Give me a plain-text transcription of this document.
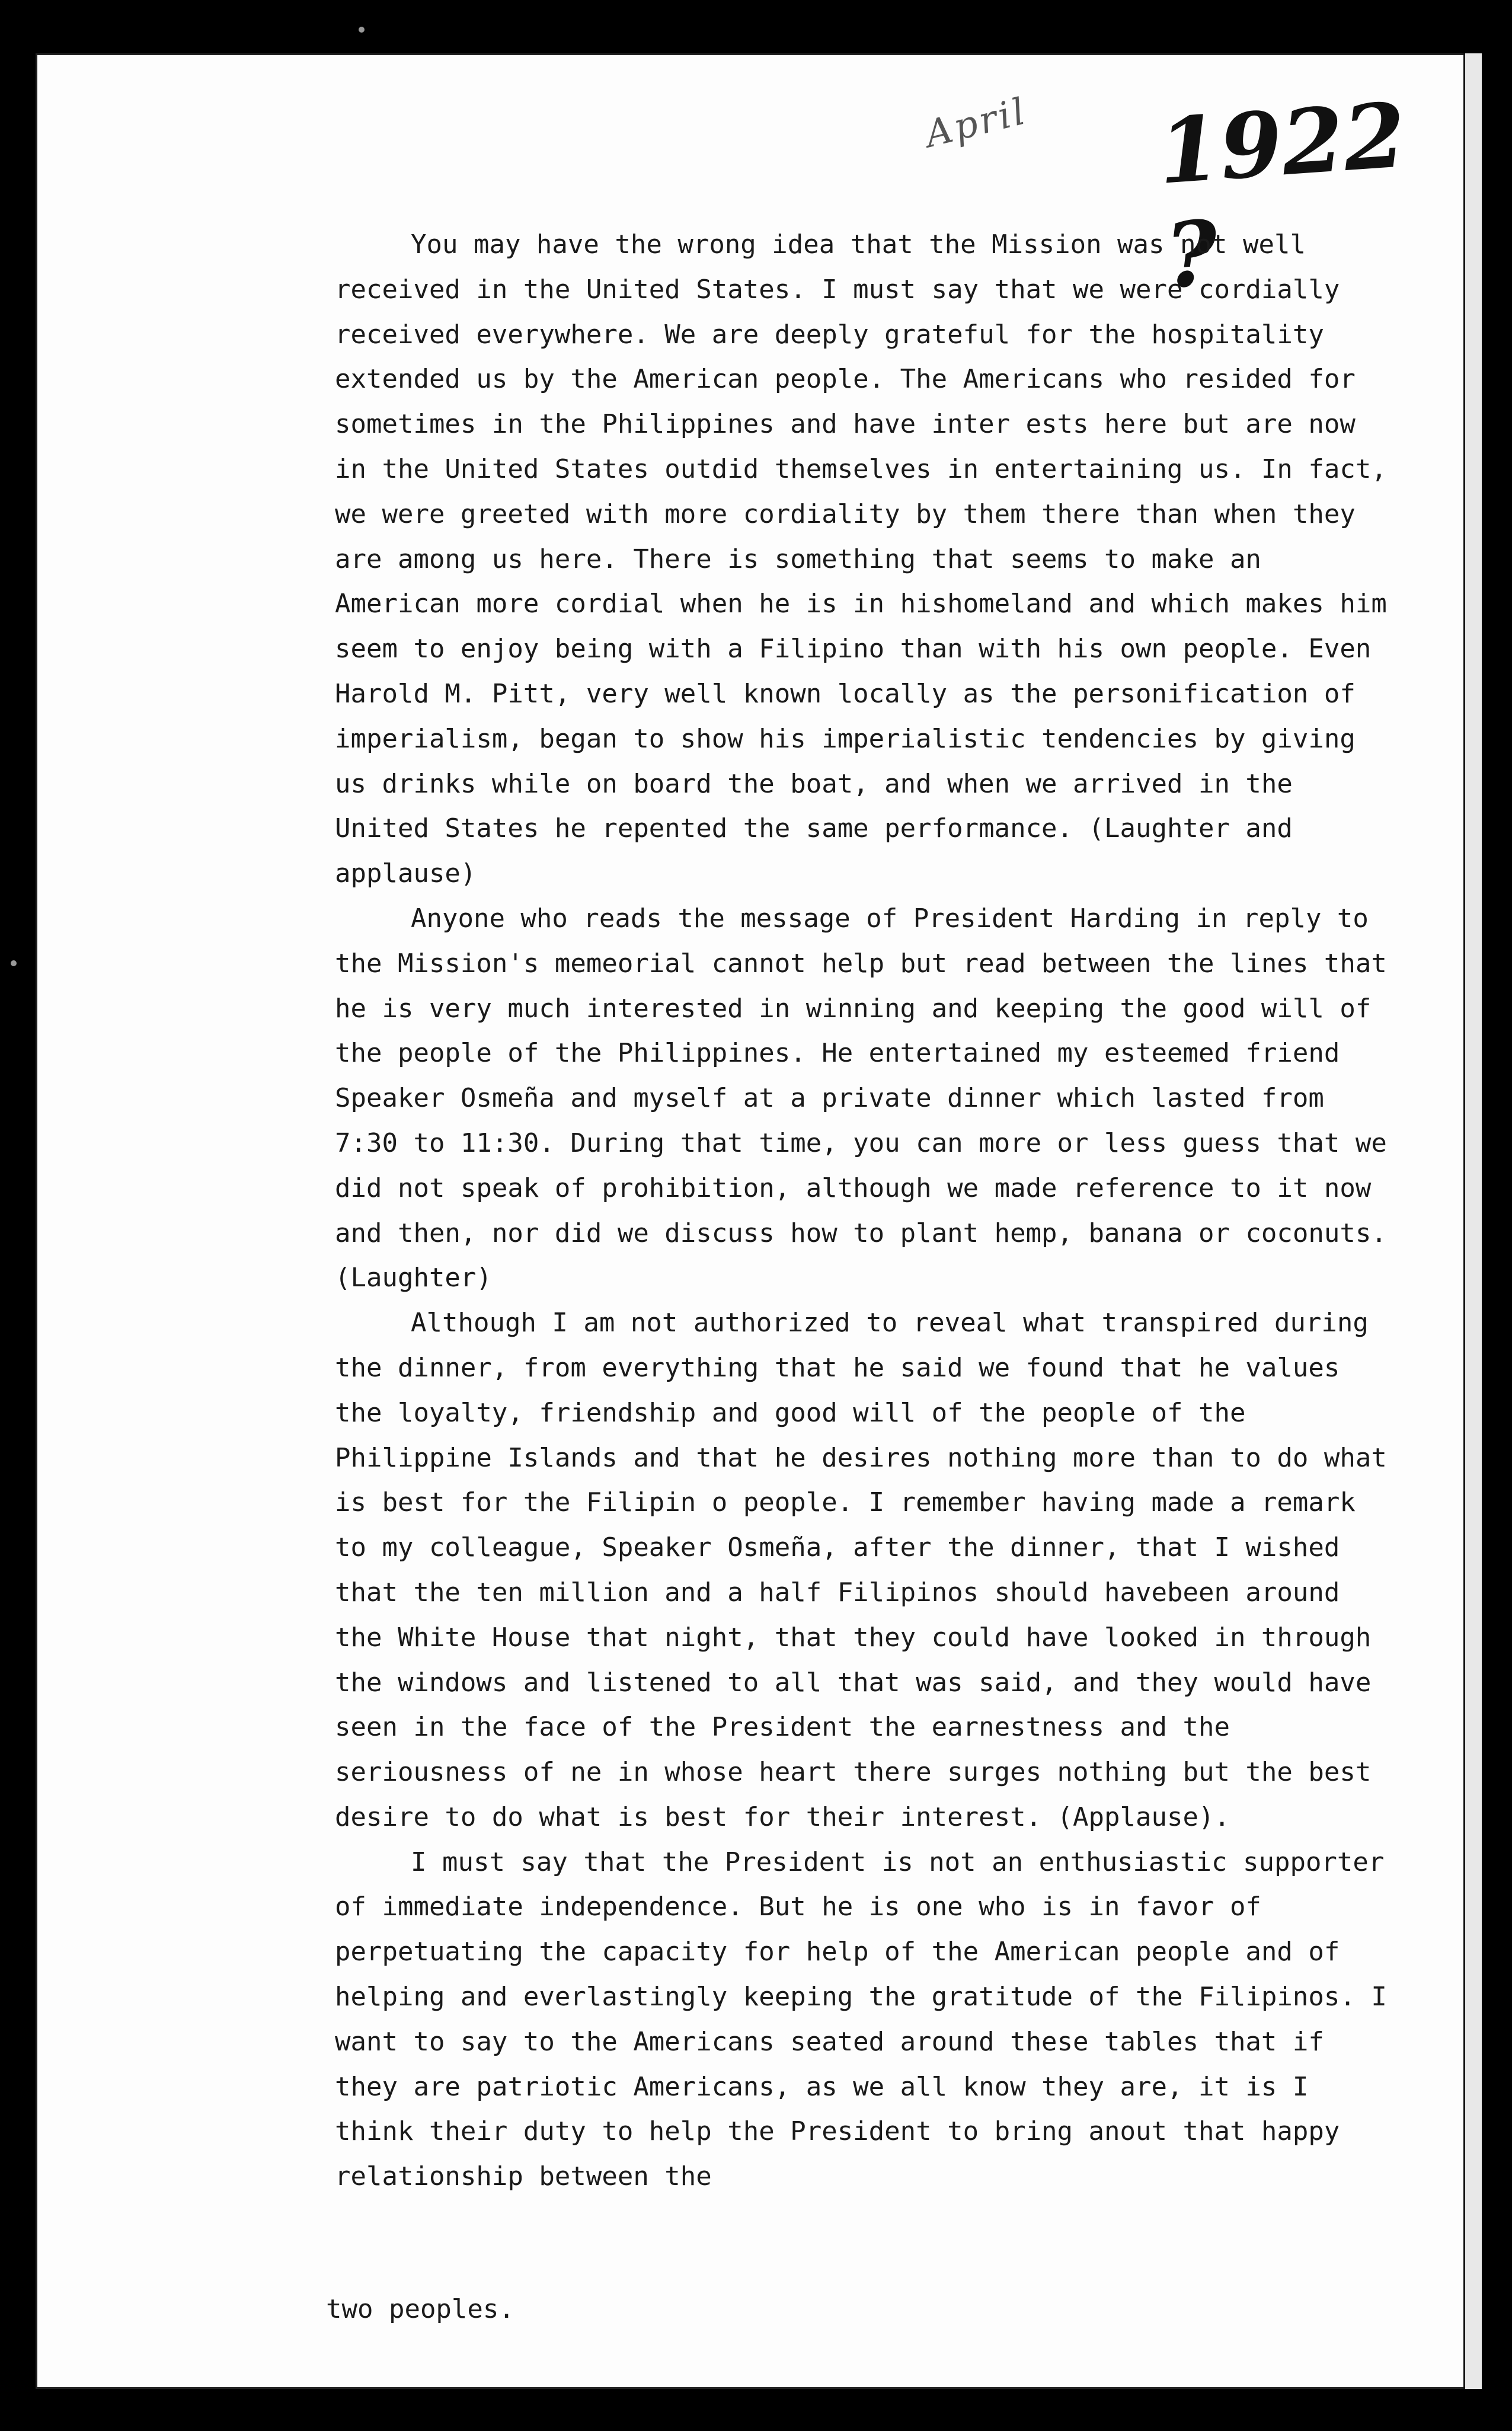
April 1922 ?

You may have the wrong idea that the Mission was not well received in the United States. I must say that we were cordially received everywhere. We are deeply grateful for the hospitality extended us by the American people. The Americans who resided for sometimes in the Philippines and have inter ests here but are now in the United States outdid themselves in entertaining us. In fact, we were greeted with more cordiality by them there than when they are among us here. There is something that seems to make an American more cordial when he is in hishomeland and which makes him seem to enjoy being with a Filipino than with his own people. Even Harold M. Pitt, very well known locally as the personification of imperialism, began to show his imperialistic tendencies by giving us drinks while on board the boat, and when we arrived in the United States he repented the same performance. (Laughter and applause)

Anyone who reads the message of President Harding in reply to the Mission's memeorial cannot help but read between the lines that he is very much interested in winning and keeping the good will of the people of the Philippines. He entertained my esteemed friend Speaker Osmeña and myself at a private dinner which lasted from 7:30 to 11:30. During that time, you can more or less guess that we did not speak of prohibition, although we made reference to it now and then, nor did we discuss how to plant hemp, banana or coconuts. (Laughter)

Although I am not authorized to reveal what transpired during the dinner, from everything that he said we found that he values the loyalty, friendship and good will of the people of the Philippine Islands and that he desires nothing more than to do what is best for the Filipin o people. I remember having made a remark to my colleague, Speaker Osmeña, after the dinner, that I wished that the ten million and a half Filipinos should havebeen around the White House that night, that they could have looked in through the windows and listened to all that was said, and they would have seen in the face of the President the earnestness and the seriousness of ne in whose heart there surges nothing but the best desire to do what is best for their interest. (Applause).

I must say that the President is not an enthusiastic supporter of immediate independence. But he is one who is in favor of perpetuating the capacity for help of the American people and of helping and everlastingly keeping the gratitude of the Filipinos. I want to say to the Americans seated around these tables that if they are patriotic Americans, as we all know they are, it is I think their duty to help the President to bring anout that happy relationship between the

two peoples.
